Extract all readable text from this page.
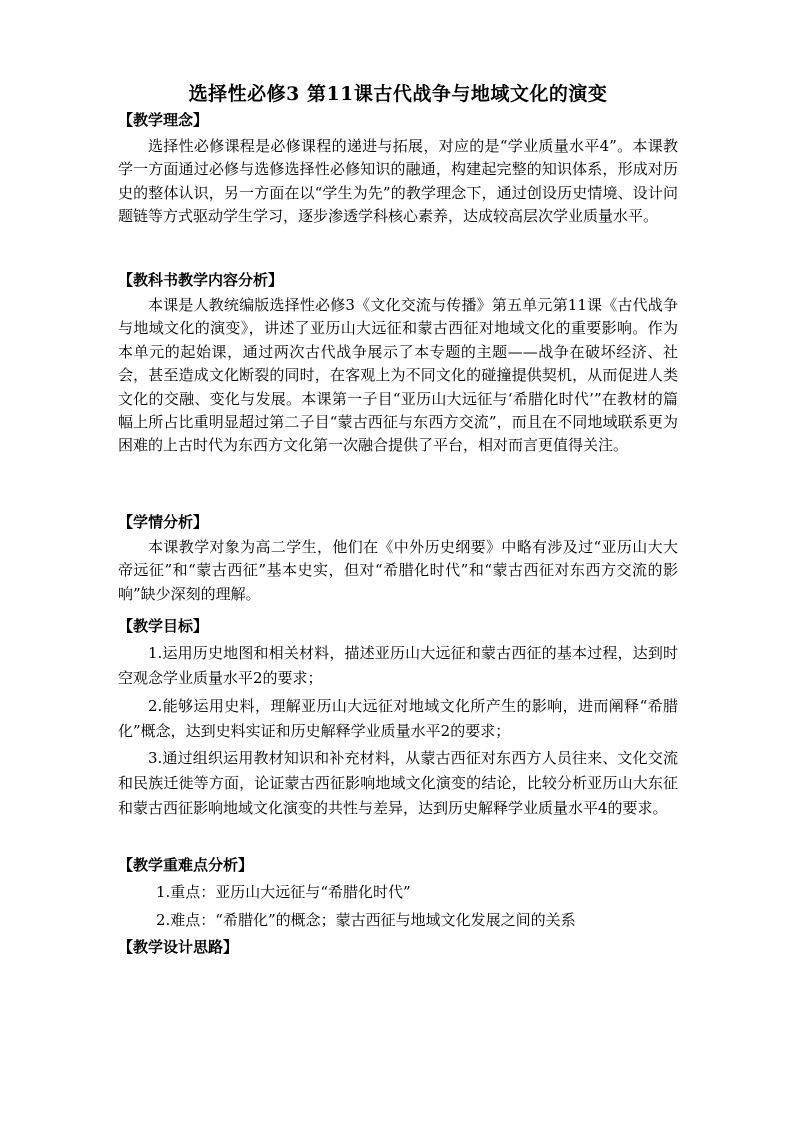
选择性必修3 第11课古代战争与地域文化的演变
【教学理念】
选择性必修课程是必修课程的递进与拓展，对应的是“学业质量水平4”。本课教学一方面通过必修与选修选择性必修知识的融通，构建起完整的知识体系，形成对历史的整体认识，另一方面在以“学生为先”的教学理念下，通过创设历史情境、设计问题链等方式驱动学生学习，逐步渗透学科核心素养，达成较高层次学业质量水平。
【教科书教学内容分析】
本课是人教统编版选择性必修3《文化交流与传播》第五单元第11课《古代战争与地域文化的演变》，讲述了亚历山大远征和蒙古西征对地域文化的重要影响。作为本单元的起始课，通过两次古代战争展示了本专题的主题——战争在破坏经济、社会，甚至造成文化断裂的同时，在客观上为不同文化的碰撞提供契机，从而促进人类文化的交融、变化与发展。本课第一子目“亚历山大远征与‘希腊化时代’”在教材的篇幅上所占比重明显超过第二子目“蒙古西征与东西方交流”，而且在不同地域联系更为困难的上古时代为东西方文化第一次融合提供了平台，相对而言更值得关注。
【学情分析】
本课教学对象为高二学生，他们在《中外历史纲要》中略有涉及过“亚历山大大帝远征”和“蒙古西征”基本史实，但对“希腊化时代”和“蒙古西征对东西方交流的影响”缺少深刻的理解。
【教学目标】
1.运用历史地图和相关材料，描述亚历山大远征和蒙古西征的基本过程，达到时空观念学业质量水平2的要求；
2.能够运用史料，理解亚历山大远征对地域文化所产生的影响，进而阐释“希腊化”概念，达到史料实证和历史解释学业质量水平2的要求；
3.通过组织运用教材知识和补充材料，从蒙古西征对东西方人员往来、文化交流和民族迁徙等方面，论证蒙古西征影响地域文化演变的结论，比较分析亚历山大东征和蒙古西征影响地域文化演变的共性与差异，达到历史解释学业质量水平4的要求。
【教学重难点分析】
1.重点：亚历山大远征与“希腊化时代”
2.难点：“希腊化”的概念；蒙古西征与地域文化发展之间的关系
【教学设计思路】
